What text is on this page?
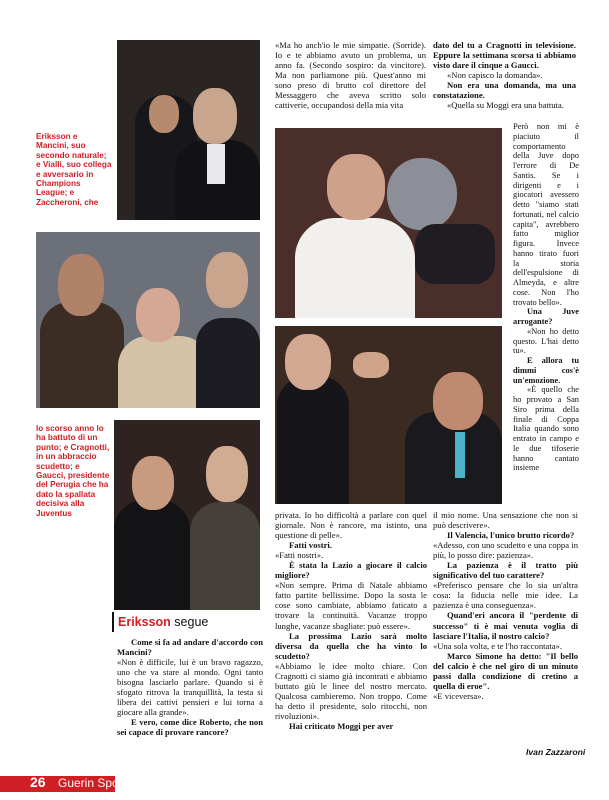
Eriksson e Mancini, suo secondo naturale; e Vialli, suo collega e avversario in Champions League; e Zaccheroni, che
lo scorso anno lo ha battuto di un punto; e Cragnotti, in un abbraccio scudetto; e Gaucci, presidente del Perugia che ha dato la spallata decisiva alla Juventus

«Ma ho anch'io le mie simpatie. (Sorride). Io e te abbiamo avuto un problema, un anno fa. (Secondo sospiro: da vincitore). Ma non parliamone più. Quest'anno mi sono preso di brutto col direttore del Messaggero che aveva scritto solo cattiverie, occupandosi della mia vita

dato del tu a Cragnotti in televisione. Eppure la settimana scorsa ti abbiamo visto dare il cinque a Gaucci.

«Non capisco la domanda».

Non era una domanda, ma una constatazione.

«Quella su Moggi era una battuta.

Però non mi è piaciuto il comportamento della Juve dopo l'errore di De Santis. Se i dirigenti e i giocatori avessero detto "siamo stati fortunati, nel calcio capita", avrebbero fatto miglior figura. Invece hanno tirato fuori la storia dell'espulsione di Almeyda, e altre cose. Non l'ho trovato bello».

Una Juve arrogante?

«Non ho detto questo. L'hai detto tu».

E allora tu dimmi cos'è un'emozione.

«È quello che ho provato a San Siro prima della finale di Coppa Italia quando sono entrato in campo e le due tifoserie hanno cantato insieme

Come si fa ad andare d'accordo con Mancini?

«Non è difficile, lui è un bravo ragazzo, uno che va stare al mondo. Ogni tanto bisogna lasciarlo parlare. Quando si è sfogato ritrova la tranquillità, la testa si libera dei cattivi pensieri e lui torna a giocare alla grande».

E vero, come dice Roberto, che non sei capace di provare rancore?

privata. Io ho difficoltà a parlare con quel giornale. Non è rancore, ma istinto, una questione di pelle».

Fatti vostri.

«Fatti nostri».

È stata la Lazio a giocare il calcio migliore?

«Non sempre. Prima di Natale abbiamo fatto partite bellissime. Dopo la sosta le cose sono cambiate, abbiamo faticato a trovare la continuità. Vacanze troppo lunghe, vacanze sbagliate: può essere».

La prossima Lazio sarà molto diversa da quella che ha vinto lo scudetto?

«Abbiamo le idee molto chiare. Con Cragnotti ci siamo già incontrati e abbiamo buttato giù le linee del nostro mercato. Qualcosa cambieremo. Non troppo. Come ha detto il presidente, solo ritocchi, non rivoluzioni».

Hai criticato Moggi per aver

il mio nome. Una sensazione che non si può descrivere».

Il Valencia, l'unico brutto ricordo?

«Adesso, con uno scudetto e una coppa in più, lo posso dire: pazienza».

La pazienza è il tratto più significativo del tuo carattere?

«Preferisco pensare che lo sia un'altra cosa: la fiducia nelle mie idee. La pazienza è una conseguenza».

Quand'eri ancora il "perdente di successo" ti è mai venuta voglia di lasciare l'Italia, il nostro calcio?

«Una sola volta, e te l'ho raccontata».

Marco Simone ha detto: "Il bello del calcio è che nel giro di un minuto passi dalla condizione di cretino a quella di eroe".

«E viceversa».

Eriksson segue
Ivan Zazzaroni
26 Guerin Sportivo
